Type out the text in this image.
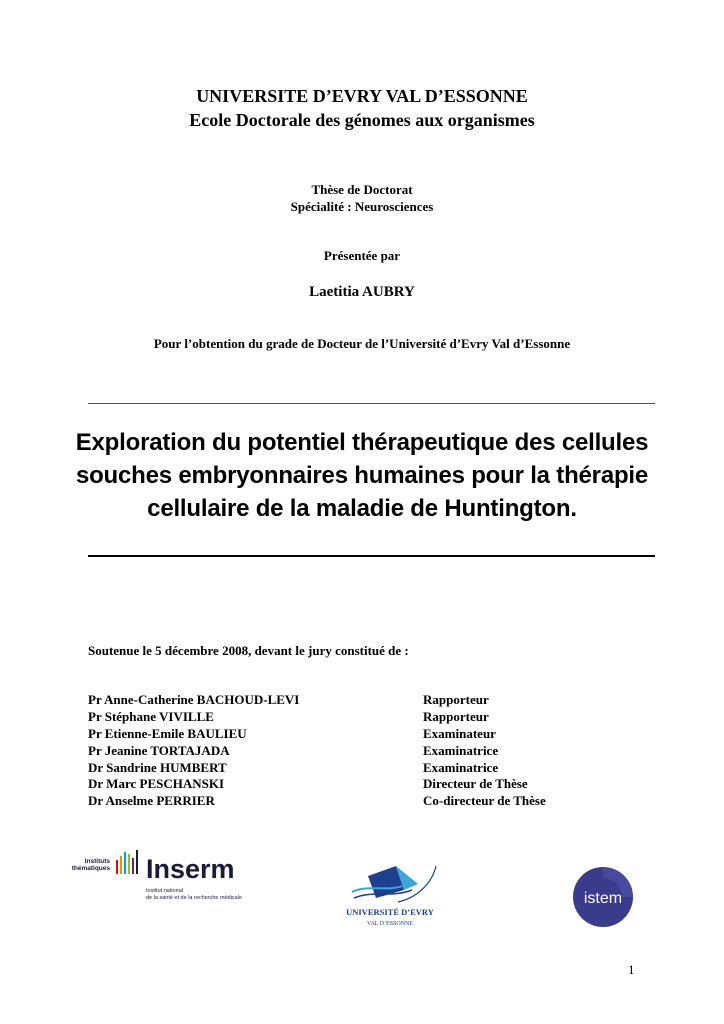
UNIVERSITE D’EVRY VAL D’ESSONNE
Ecole Doctorale des génomes aux organismes
Thèse de Doctorat
Spécialité : Neurosciences
Présentée par
Laetitia AUBRY
Pour l’obtention du grade de Docteur de l’Université d’Evry Val d’Essonne
Exploration du potentiel thérapeutique des cellules
souches embryonnaires humaines pour la thérapie
cellulaire de la maladie de Huntington.
Soutenue le 5 décembre 2008, devant le jury constitué de :
Pr Anne-Catherine BACHOUD-LEVI	Rapporteur
Pr Stéphane VIVILLE	Rapporteur
Pr Etienne-Emile BAULIEU	Examinateur
Pr Jeanine TORTAJADA	Examinatrice
Dr Sandrine HUMBERT	Examinatrice
Dr Marc PESCHANSKI	Directeur de Thèse
Dr Anselme PERRIER	Co-directeur de Thèse
Instituts
thématiques Inserm
Institut national
de la santé et de la recherche médicale
UNIVERSITÉ D’EVRY
VAL D’ESSONNE
istem
1
